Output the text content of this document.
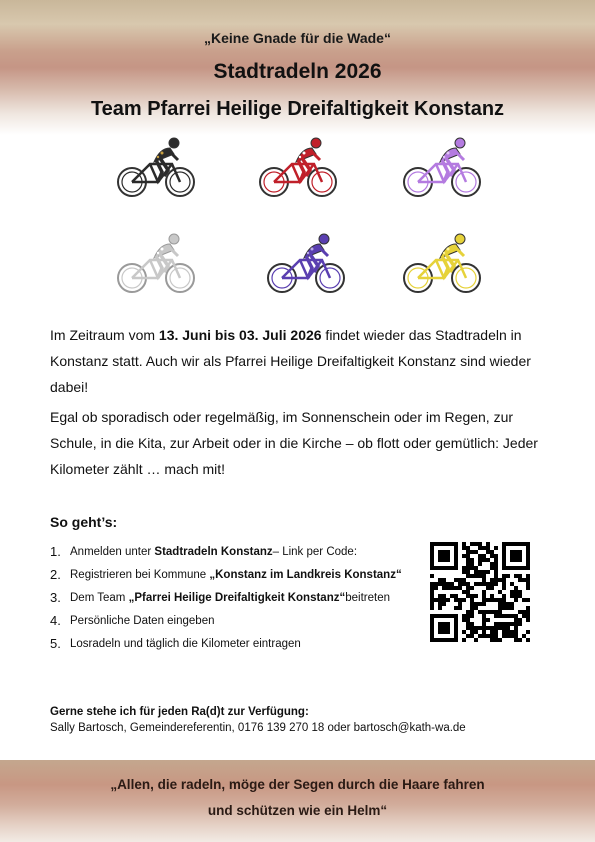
„Keine Gnade für die Wade“
Stadtradeln 2026
Team Pfarrei Heilige Dreifaltigkeit Konstanz

Im Zeitraum vom 13. Juni bis 03. Juli 2026 findet wieder das Stadtradeln in Konstanz statt. Auch wir als Pfarrei Heilige Dreifaltigkeit Konstanz sind wieder dabei!

Egal ob sporadisch oder regelmäßig, im Sonnenschein oder im Regen, zur Schule, in die Kita, zur Arbeit oder in die Kirche – ob flott oder gemütlich: Jeder Kilometer zählt … mach mit!

So geht’s:
1. Anmelden unter
Stadtradeln Konstanz – Link per Code:
2. Registrieren bei Kommune
„Konstanz im Landkreis Konstanz“
3. Dem Team
„Pfarrei Heilige Dreifaltigkeit Konstanz“ beitreten
4. Persönliche Daten eingeben
5. Losradeln und täglich die Kilometer eintragen
Gerne stehe ich für jeden Ra(d)t zur Verfügung:
Sally Bartosch, Gemeindereferentin, 0176 139 270 18 oder bartosch@kath-wa.de
„Allen, die radeln, möge der Segen durch die Haare fahren
und schützen wie ein Helm“
